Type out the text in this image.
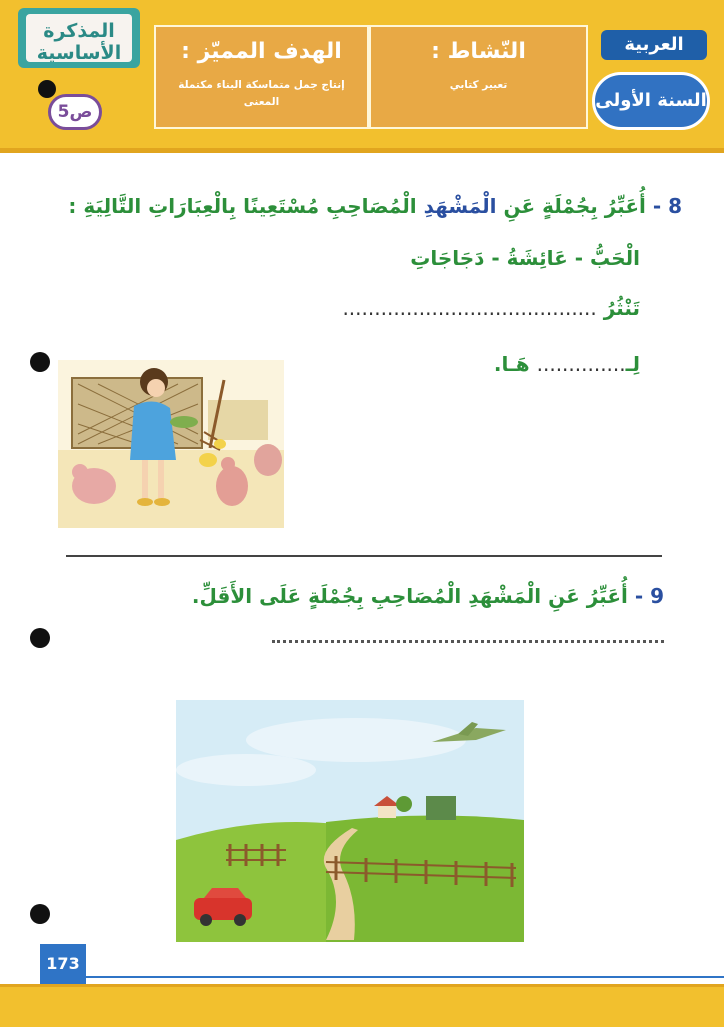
المذكرة الأساسية
5ص
الهدف المميّز :
إنتاج جمل متماسكة البناء مكتملة المعنى
النّشاط :
تعبير كتابي
العربية
السنة الأولى
8 - أُعَبِّرُ بِجُمْلَةٍ عَنِ الْمَشْهَدِ الْمُصَاحِبِ مُسْتَعِينًا بِالْعِبَارَاتِ التَّالِيَةِ :
الْحَبُّ - عَائِشَةُ - دَجَاجَاتِ
تَنْثُرُ ........................................
لِـ.............. هَـا.
9 - أُعَبِّرُ عَنِ الْمَشْهَدِ الْمُصَاحِبِ بِجُمْلَةٍ عَلَى الأَقَلِّ.
173
